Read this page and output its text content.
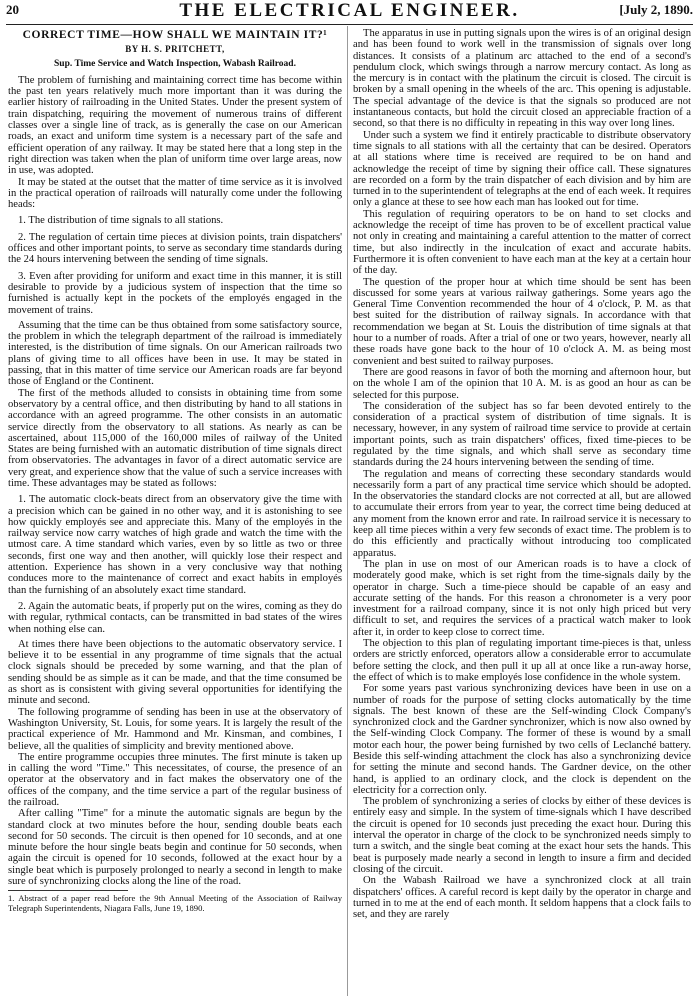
20	THE ELECTRICAL ENGINEER.	[July 2, 1890.
CORRECT TIME—HOW SHALL WE MAINTAIN IT?¹
BY H. S. PRITCHETT,
Sup. Time Service and Watch Inspection, Wabash Railroad.

The problem of furnishing and maintaining correct time has become within the past ten years relatively much more important than it was during the earlier history of railroading in the United States. Under the present system of train dispatching, requiring the movement of numerous trains of different classes over a single line of track, as is generally the case on our American roads, an exact and uniform time system is a necessary part of the safe and efficient operation of any railway. It may be stated here that a long step in the right direction was taken when the plan of uniform time over large areas, now in use, was adopted.

It may be stated at the outset that the matter of time service as it is involved in the practical operation of railroads will naturally come under the following heads:

1. The distribution of time signals to all stations.

2. The regulation of certain time pieces at division points, train dispatchers' offices and other important points, to serve as secondary time standards during the 24 hours intervening between the sending of time signals.

3. Even after providing for uniform and exact time in this manner, it is still desirable to provide by a judicious system of inspection that the time so furnished is actually kept in the pockets of the employés engaged in the movement of trains.

Assuming that the time can be thus obtained from some satisfactory source, the problem in which the telegraph department of the railroad is immediately interested, is the distribution of time signals. On our American railroads two plans of giving time to all offices have been in use. It may be stated in passing, that in this matter of time service our American roads are far beyond those of England or the Continent.

The first of the methods alluded to consists in obtaining time from some observatory by a central office, and then distributing by hand to all stations in accordance with an agreed programme. The other consists in an automatic service directly from the observatory to all stations. As nearly as can be ascertained, about 115,000 of the 160,000 miles of railway of the United States are being furnished with an automatic distribution of time signals direct from observatories. The advantages in favor of a direct automatic service are very great, and experience show that the value of such a service increases with time. These advantages may be stated as follows:

1. The automatic clock-beats direct from an observatory give the time with a precision which can be gained in no other way, and it is astonishing to see how quickly employés see and appreciate this. Many of the employés in the railway service now carry watches of high grade and watch the time with the utmost care. A time standard which varies, even by so little as two or three seconds, first one way and then another, will quickly lose their respect and attention. Experience has shown in a very conclusive way that nothing conduces more to the maintenance of correct and exact habits in employés than the furnishing of an absolutely exact time standard.

2. Again the automatic beats, if properly put on the wires, coming as they do with regular, rythmical contacts, can be transmitted in bad states of the wires when nothing else can.

At times there have been objections to the automatic observatory service. I believe it to be essential in any programme of time signals that the actual clock signals should be preceded by some warning, and that the plan of sending should be as simple as it can be made, and that the time consumed be as short as is consistent with giving several opportunities for identifying the minute and second.

The following programme of sending has been in use at the observatory of Washington University, St. Louis, for some years. It is largely the result of the practical experience of Mr. Hammond and Mr. Kinsman, and combines, I believe, all the qualities of simplicity and brevity mentioned above.

The entire programme occupies three minutes. The first minute is taken up in calling the word "Time." This necessitates, of course, the presence of an operator at the observatory and in fact makes the observatory one of the offices of the company, and the time service a part of the regular business of the railroad.

After calling "Time" for a minute the automatic signals are begun by the standard clock at two minutes before the hour, sending double beats each second for 50 seconds. The circuit is then opened for 10 seconds, and at one minute before the hour single beats begin and continue for 50 seconds, when again the circuit is opened for 10 seconds, followed at the exact hour by a single beat which is purposely prolonged to nearly a second in length to make sure of synchronizing clocks along the line of the road.

1. Abstract of a paper read before the 9th Annual Meeting of the Association of Railway Telegraph Superintendents, Niagara Falls, June 19, 1890.

The apparatus in use in putting signals upon the wires is of an original design and has been found to work well in the transmission of signals over long distances. It consists of a platinum arc attached to the end of a second's pendulum clock, which swings through a narrow mercury contact. As long as the mercury is in contact with the platinum the circuit is closed. The circuit is broken by a small opening in the wheels of the arc. This opening is adjustable. The special advantage of the device is that the signals so produced are not instantaneous contacts, but hold the circuit closed an appreciable fraction of a second, so that there is no difficulty in repeating in this way over long lines.

Under such a system we find it entirely practicable to distribute observatory time signals to all stations with all the certainty that can be desired. Operators at all stations where time is received are required to be on hand and acknowledge the receipt of time by signing their office call. These signatures are recorded on a form by the train dispatcher of each division and by him are turned in to the superintendent of telegraphs at the end of each week. It requires only a glance at these to see how each man has looked out for time.

This regulation of requiring operators to be on hand to set clocks and acknowledge the receipt of time has proven to be of excellent practical value not only in creating and maintaining a careful attention to the matter of correct time, but also indirectly in the inculcation of exact and accurate habits. Furthermore it is often convenient to have each man at the key at a certain hour of the day.

The question of the proper hour at which time should be sent has been discussed for some years at various railway gatherings. Some years ago the General Time Convention recommended the hour of 4 o'clock, P. M. as that best suited for the distribution of railway signals. In accordance with that recommendation we began at St. Louis the distribution of time signals at that hour to a number of roads. After a trial of one or two years, however, nearly all these roads have gone back to the hour of 10 o'clock A. M. as being most convenient and best suited to railway purposes.

There are good reasons in favor of both the morning and afternoon hour, but on the whole I am of the opinion that 10 A. M. is as good an hour as can be selected for this purpose.

The consideration of the subject has so far been devoted entirely to the consideration of a practical system of distribution of time signals. It is necessary, however, in any system of railroad time service to provide at certain important points, such as train dispatchers' offices, fixed time-pieces to be regulated by the time signals, and which shall serve as secondary time standards during the 24 hours intervening between the sending of time.

The regulation and means of correcting these secondary standards would necessarily form a part of any practical time service which should be adopted. In the observatories the standard clocks are not corrected at all, but are allowed to accumulate their errors from year to year, the correct time being deduced at any moment from the known error and rate. In railroad service it is necessary to keep all time pieces within a very few seconds of exact time. The problem is to do this efficiently and practically without introducing too complicated apparatus.

The plan in use on most of our American roads is to have a clock of moderately good make, which is set right from the time-signals daily by the operator in charge. Such a time-piece should be capable of an easy and accurate setting of the hands. For this reason a chronometer is a very poor investment for a railroad company, since it is not only high priced but very difficult to set, and requires the services of a practical watch maker to look after it, in order to keep close to correct time.

The objection to this plan of regulating important time-pieces is that, unless orders are strictly enforced, operators allow a considerable error to accumulate before setting the clock, and then pull it up all at once like a run-away horse, the effect of which is to make employés lose confidence in the whole system.

For some years past various synchronizing devices have been in use on a number of roads for the purpose of setting clocks automatically by the time signals. The best known of these are the Self-winding Clock Company's synchronized clock and the Gardner synchronizer, which is now also owned by the Self-winding Clock Company. The former of these is wound by a small motor each hour, the power being furnished by two cells of Leclanché battery. Beside this self-winding attachment the clock has also a synchronizing device for setting the minute and second hands. The Gardner device, on the other hand, is applied to an ordinary clock, and the clock is dependent on the electricity for a correction only.

The problem of synchronizing a series of clocks by either of these devices is entirely easy and simple. In the system of time-signals which I have described the circuit is opened for 10 seconds just preceding the exact hour. During this interval the operator in charge of the clock to be synchronized needs simply to turn a switch, and the single beat coming at the exact hour sets the hands. This beat is purposely made nearly a second in length to insure a firm and decided closing of the circuit.

On the Wabash Railroad we have a synchronized clock at all train dispatchers' offices. A careful record is kept daily by the operator in charge and turned in to me at the end of each month. It seldom happens that a clock fails to set, and they are rarely
